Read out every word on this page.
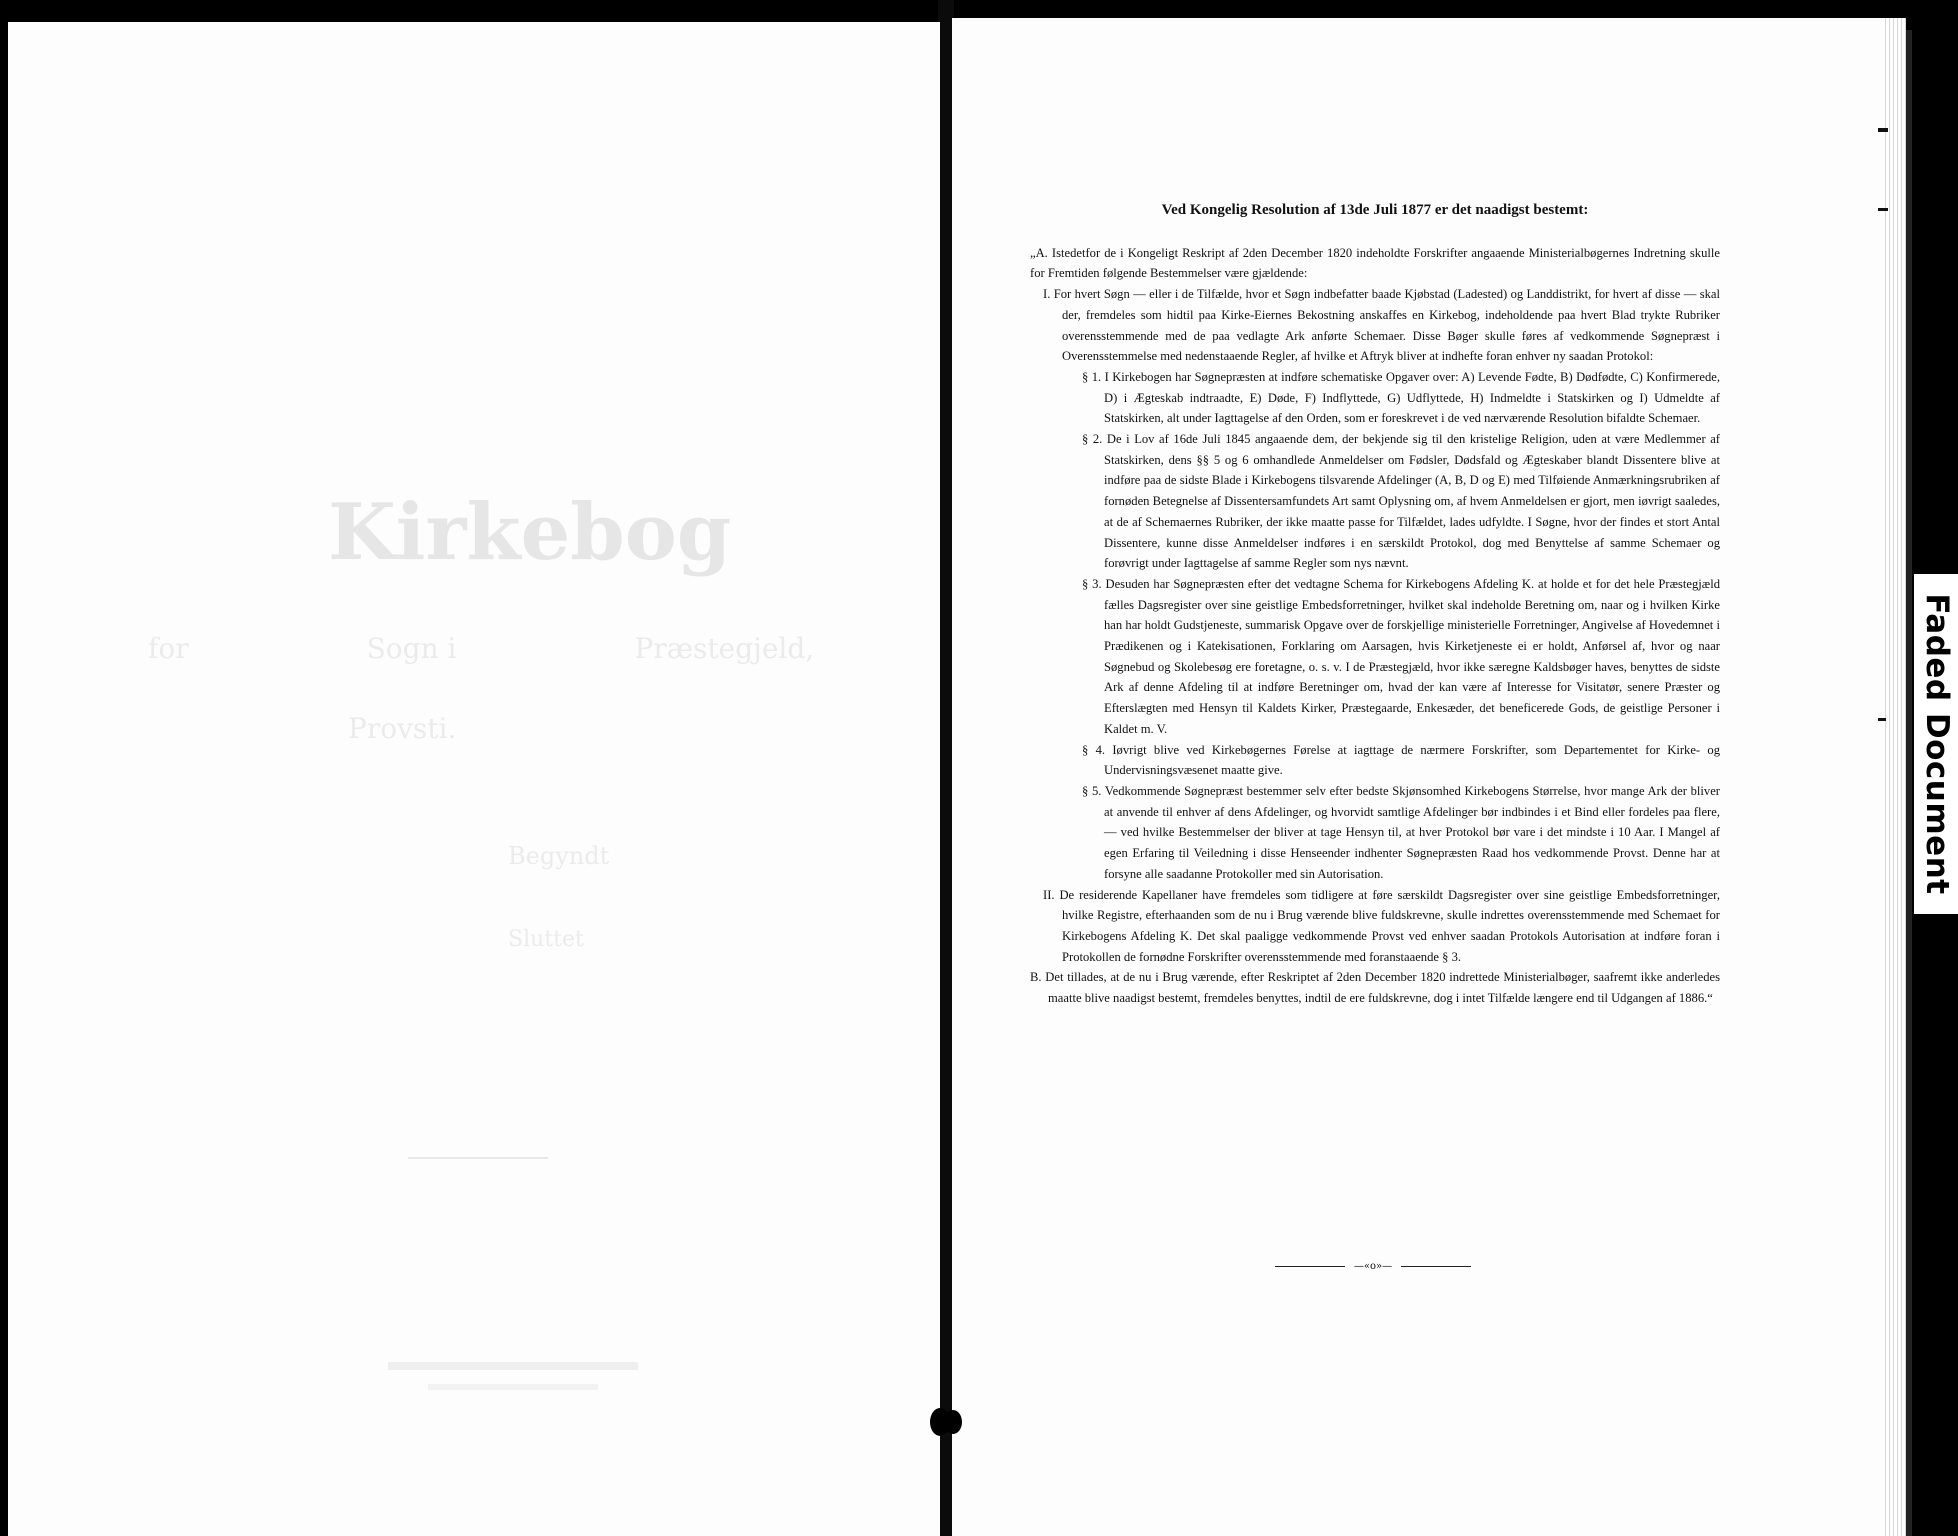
Kirkebog
for                    Sogn i                    Præstegjeld,
Provsti.
Begyndt
Sluttet
Ved Kongelig Resolution af 13de Juli 1877 er det naadigst bestemt:

„A. Istedetfor de i Kongeligt Reskript af 2den December 1820 indeholdte Forskrifter angaaende Ministerialbøgernes Indretning skulle for Fremtiden følgende Bestemmelser være gjældende:

I. For hvert Søgn — eller i de Tilfælde, hvor et Søgn indbefatter baade Kjøbstad (Ladested) og Landdistrikt, for hvert af disse — skal der, fremdeles som hidtil paa Kirke-Eiernes Bekostning anskaffes en Kirkebog, indeholdende paa hvert Blad trykte Rubriker overensstemmende med de paa vedlagte Ark anførte Schemaer. Disse Bøger skulle føres af vedkommende Søgnepræst i Overensstemmelse med nedenstaaende Regler, af hvilke et Aftryk bliver at indhefte foran enhver ny saadan Protokol:

§ 1. I Kirkebogen har Søgnepræsten at indføre schematiske Opgaver over: A) Levende Fødte, B) Dødfødte, C) Konfirmerede, D) i Ægteskab indtraadte, E) Døde, F) Indflyttede, G) Udflyttede, H) Indmeldte i Statskirken og I) Udmeldte af Statskirken, alt under Iagttagelse af den Orden, som er foreskrevet i de ved nærværende Resolution bifaldte Schemaer.

§ 2. De i Lov af 16de Juli 1845 angaaende dem, der bekjende sig til den kristelige Religion, uden at være Medlemmer af Statskirken, dens §§ 5 og 6 omhandlede Anmeldelser om Fødsler, Dødsfald og Ægteskaber blandt Dissentere blive at indføre paa de sidste Blade i Kirkebogens tilsvarende Afdelinger (A, B, D og E) med Tilføiende Anmærkningsrubriken af fornøden Betegnelse af Dissentersamfundets Art samt Oplysning om, af hvem Anmeldelsen er gjort, men iøvrigt saaledes, at de af Schemaernes Rubriker, der ikke maatte passe for Tilfældet, lades udfyldte. I Søgne, hvor der findes et stort Antal Dissentere, kunne disse Anmeldelser indføres i en særskildt Protokol, dog med Benyttelse af samme Schemaer og forøvrigt under Iagttagelse af samme Regler som nys nævnt.

§ 3. Desuden har Søgnepræsten efter det vedtagne Schema for Kirkebogens Afdeling K. at holde et for det hele Præstegjæld fælles Dagsregister over sine geistlige Embedsforretninger, hvilket skal indeholde Beretning om, naar og i hvilken Kirke han har holdt Gudstjeneste, summarisk Opgave over de forskjellige ministerielle Forretninger, Angivelse af Hovedemnet i Prædikenen og i Katekisationen, Forklaring om Aarsagen, hvis Kirketjeneste ei er holdt, Anførsel af, hvor og naar Søgnebud og Skolebesøg ere foretagne, o. s. v. I de Præstegjæld, hvor ikke særegne Kaldsbøger haves, benyttes de sidste Ark af denne Afdeling til at indføre Beretninger om, hvad der kan være af Interesse for Visitatør, senere Præster og Efterslægten med Hensyn til Kaldets Kirker, Præstegaarde, Enkesæder, det beneficerede Gods, de geistlige Personer i Kaldet m. V.

§ 4. Iøvrigt blive ved Kirkebøgernes Førelse at iagttage de nærmere Forskrifter, som Departementet for Kirke- og Undervisningsvæsenet maatte give.

§ 5. Vedkommende Søgnepræst bestemmer selv efter bedste Skjønsomhed Kirkebogens Størrelse, hvor mange Ark der bliver at anvende til enhver af dens Afdelinger, og hvorvidt samtlige Afdelinger bør indbindes i et Bind eller fordeles paa flere, — ved hvilke Bestemmelser der bliver at tage Hensyn til, at hver Protokol bør vare i det mindste i 10 Aar. I Mangel af egen Erfaring til Veiledning i disse Henseender indhenter Søgnepræsten Raad hos vedkommende Provst. Denne har at forsyne alle saadanne Protokoller med sin Autorisation.

II. De residerende Kapellaner have fremdeles som tidligere at føre særskildt Dagsregister over sine geistlige Embedsforretninger, hvilke Registre, efterhaanden som de nu i Brug værende blive fuldskrevne, skulle indrettes overensstemmende med Schemaet for Kirkebogens Afdeling K. Det skal paaligge vedkommende Provst ved enhver saadan Protokols Autorisation at indføre foran i Protokollen de fornødne Forskrifter overensstemmende med foranstaaende § 3.

B. Det tillades, at de nu i Brug værende, efter Reskriptet af 2den December 1820 indrettede Ministerialbøger, saafremt ikke anderledes maatte blive naadigst bestemt, fremdeles benyttes, indtil de ere fuldskrevne, dog i intet Tilfælde længere end til Udgangen af 1886.“

—«o»—
Faded Document
